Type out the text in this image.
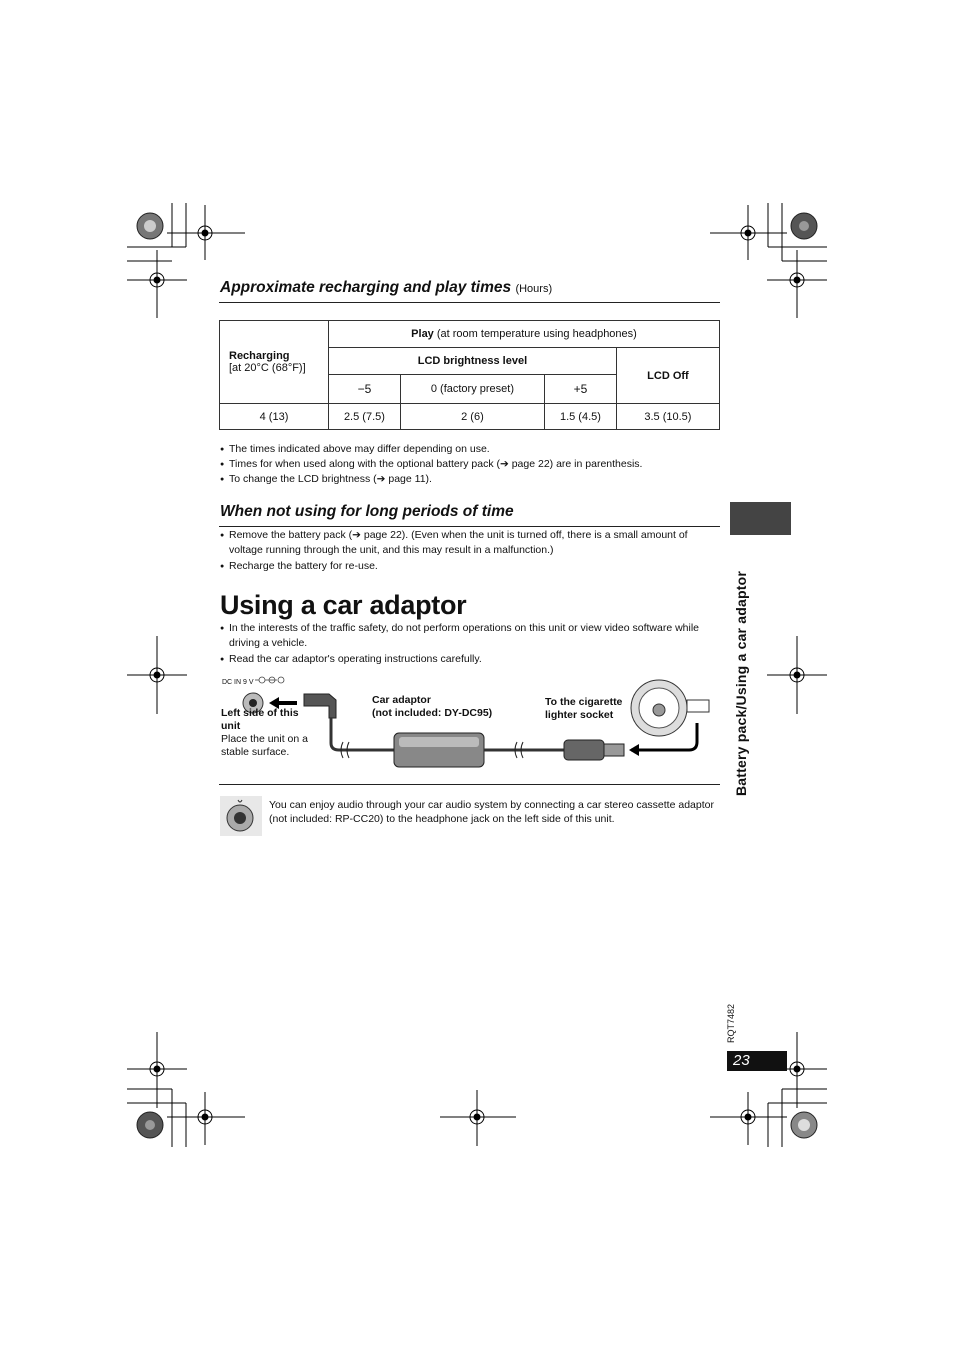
Approximate recharging and play times (Hours)
Recharging
[at 20°C (68°F)]	Play (at room temperature using headphones)			
	LCD brightness level			LCD Off
	−5	0 (factory preset)	+5	
4 (13)	2.5 (7.5)	2 (6)	1.5 (4.5)	3.5 (10.5)
● The times indicated above may differ depending on use.
● Times for when used along with the optional battery pack (➔ page 22) are in parenthesis.
● To change the LCD brightness (➔ page 11).
When not using for long periods of time
● Remove the battery pack (➔ page 22). (Even when the unit is turned off, there is a small amount of voltage running through the unit, and this may result in a malfunction.)
● Recharge the battery for re-use.
Using a car adaptor
● In the interests of the traffic safety, do not perform operations on this unit or view video software while driving a vehicle.
● Read the car adaptor's operating instructions carefully.
DC IN 9 V
Left side of this unit
Place the unit on a stable surface.
Car adaptor
(not included: DY-DC95)
To the cigarette
lighter socket
You can enjoy audio through your car audio system by connecting a car stereo cassette adaptor (not included: RP-CC20) to the headphone jack on the left side of this unit.
Battery pack/Using a car adaptor
RQT7482
23
